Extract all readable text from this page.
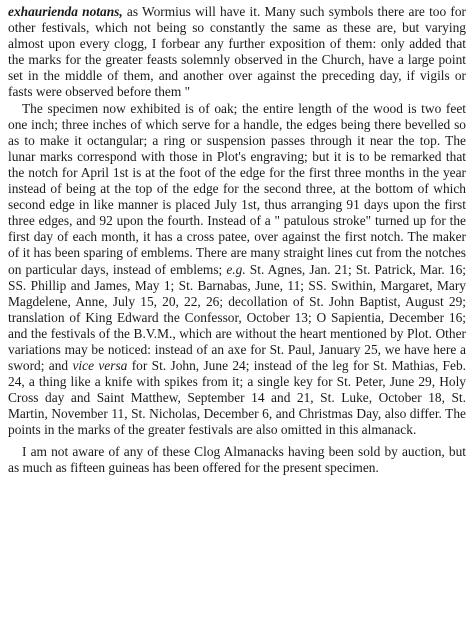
exhaurienda notans, as Wormius will have it. Many such symbols there are too for other festivals, which not being so constantly the same as these are, but varying almost upon every clogg, I forbear any further exposition of them: only added that the marks for the greater feasts solemnly observed in the Church, have a large point set in the middle of them, and another over against the preceding day, if vigils or fasts were observed before them "

The specimen now exhibited is of oak; the entire length of the wood is two feet one inch; three inches of which serve for a handle, the edges being there bevelled so as to make it octangular; a ring or suspension passes through it near the top. The lunar marks correspond with those in Plot's engraving; but it is to be remarked that the notch for April 1st is at the foot of the edge for the first three months in the year instead of being at the top of the edge for the second three, at the bottom of which second edge in like manner is placed July 1st, thus arranging 91 days upon the first three edges, and 92 upon the fourth. Instead of a " patulous stroke" turned up for the first day of each month, it has a cross patee, over against the first notch. The maker of it has been sparing of emblems. There are many straight lines cut from the notches on particular days, instead of emblems; e.g. St. Agnes, Jan. 21; St. Patrick, Mar. 16; SS. Phillip and James, May 1; St. Barnabas, June, 11; SS. Swithin, Margaret, Mary Magdelene, Anne, July 15, 20, 22, 26; decollation of St. John Baptist, August 29; translation of King Edward the Confessor, October 13; O Sapientia, December 16; and the festivals of the B.V.M., which are without the heart mentioned by Plot. Other variations may be noticed: instead of an axe for St. Paul, January 25, we have here a sword; and vice versa for St. John, June 24; instead of the leg for St. Mathias, Feb. 24, a thing like a knife with spikes from it; a single key for St. Peter, June 29, Holy Cross day and Saint Matthew, September 14 and 21, St. Luke, October 18, St. Martin, November 11, St. Nicholas, December 6, and Christmas Day, also differ. The points in the marks of the greater festivals are also omitted in this almanack.

I am not aware of any of these Clog Almanacks having been sold by auction, but as much as fifteen guineas has been offered for the present specimen.
